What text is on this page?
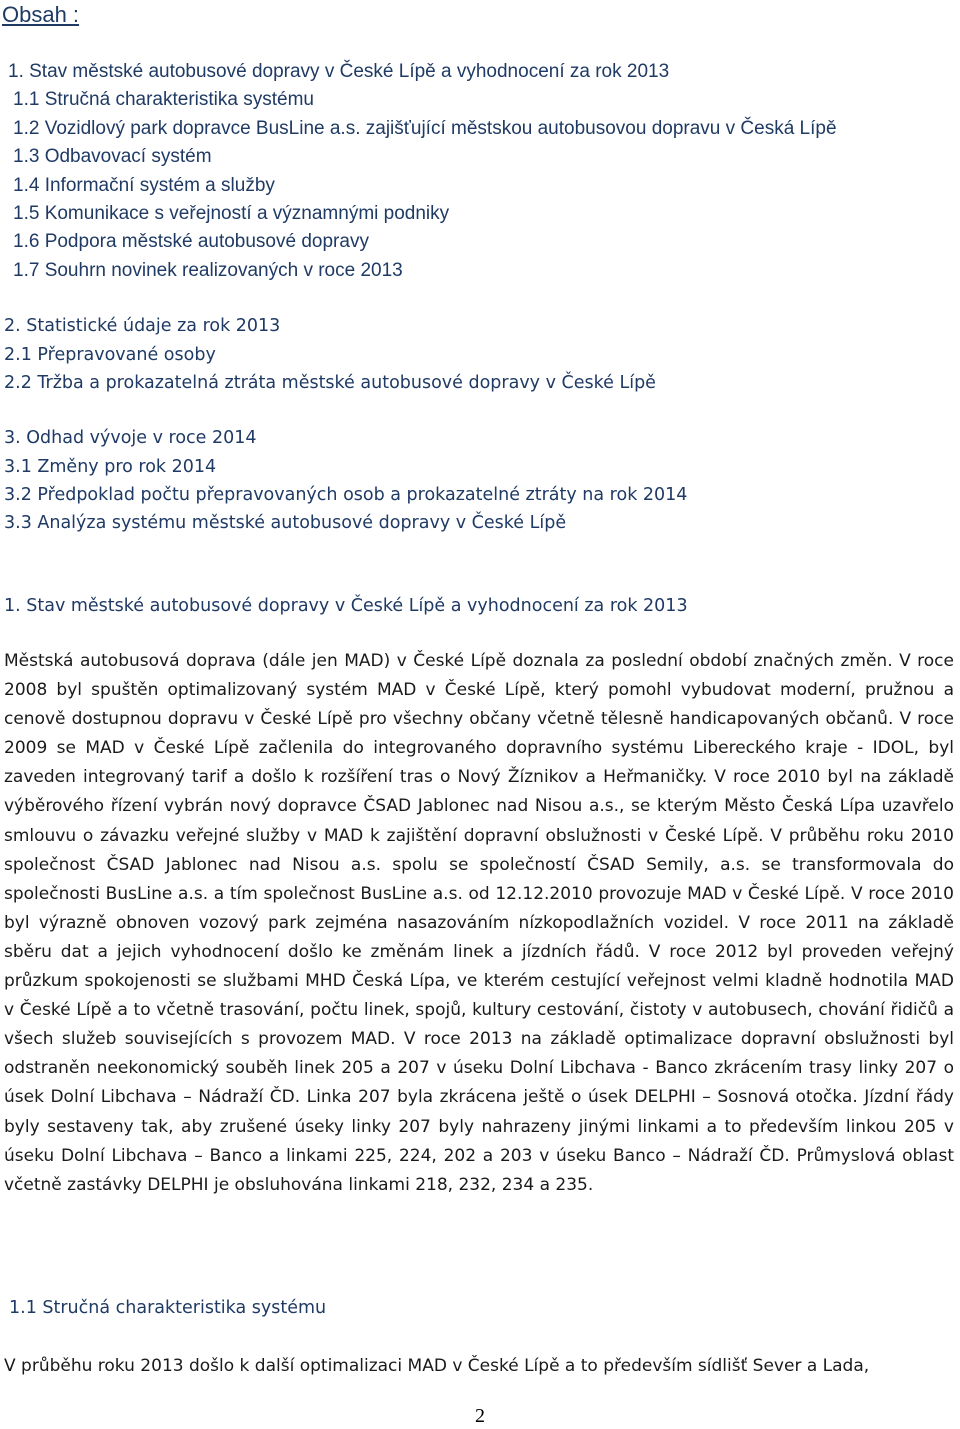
Obsah :
1. Stav městské autobusové dopravy v České Lípě a vyhodnocení za rok 2013
1.1 Stručná charakteristika systému
1.2 Vozidlový park dopravce BusLine a.s. zajišťující městskou autobusovou dopravu v Česká Lípě
1.3 Odbavovací systém
1.4 Informační systém a služby
1.5 Komunikace s veřejností a významnými podniky
1.6 Podpora městské autobusové dopravy
1.7 Souhrn novinek realizovaných v roce 2013
2. Statistické údaje za rok 2013
2.1 Přepravované osoby
2.2 Tržba a prokazatelná ztráta městské autobusové dopravy v České Lípě
3. Odhad vývoje v roce 2014
3.1 Změny pro rok 2014
3.2 Předpoklad počtu přepravovaných osob a prokazatelné ztráty na rok 2014
3.3 Analýza systému městské autobusové dopravy v České Lípě
1. Stav městské autobusové dopravy v České Lípě a vyhodnocení za rok 2013

Městská autobusová doprava (dále jen MAD) v České Lípě doznala za poslední období značných změn. V roce 2008 byl spuštěn optimalizovaný systém MAD v České Lípě, který pomohl vybudovat moderní, pružnou a cenově dostupnou dopravu v České Lípě pro všechny občany včetně tělesně handicapovaných občanů. V roce 2009 se MAD v České Lípě začlenila do integrovaného dopravního systému Libereckého kraje - IDOL, byl zaveden integrovaný tarif a došlo k rozšíření tras o Nový Žíznikov a Heřmaničky. V roce 2010 byl na základě výběrového řízení vybrán nový dopravce ČSAD Jablonec nad Nisou a.s., se kterým Město Česká Lípa uzavřelo smlouvu o závazku veřejné služby v MAD k zajištění dopravní obslužnosti v České Lípě. V průběhu roku 2010 společnost ČSAD Jablonec nad Nisou a.s. spolu se společností ČSAD Semily, a.s. se transformovala do společnosti BusLine a.s. a tím společnost BusLine a.s. od 12.12.2010 provozuje MAD v České Lípě. V roce 2010 byl výrazně obnoven vozový park zejména nasazováním nízkopodlažních vozidel. V roce 2011 na základě sběru dat a jejich vyhodnocení došlo ke změnám linek a jízdních řádů. V roce 2012 byl proveden veřejný průzkum spokojenosti se službami MHD Česká Lípa, ve kterém cestující veřejnost velmi kladně hodnotila MAD v České Lípě a to včetně trasování, počtu linek, spojů, kultury cestování, čistoty v autobusech, chování řidičů a všech služeb souvisejících s provozem MAD. V roce 2013 na základě optimalizace dopravní obslužnosti byl odstraněn neekonomický souběh linek 205 a 207 v úseku Dolní Libchava - Banco zkrácením trasy linky 207 o úsek Dolní Libchava – Nádraží ČD. Linka 207 byla zkrácena ještě o úsek DELPHI – Sosnová otočka. Jízdní řády byly sestaveny tak, aby zrušené úseky linky 207 byly nahrazeny jinými linkami a to především linkou 205 v úseku Dolní Libchava – Banco a linkami 225, 224, 202 a 203 v úseku Banco – Nádraží ČD. Průmyslová oblast včetně zastávky DELPHI je obsluhována linkami 218, 232, 234 a 235.

1.1 Stručná charakteristika systému

V průběhu roku 2013 došlo k další optimalizaci MAD v České Lípě a to především sídlišť Sever a Lada,

2
